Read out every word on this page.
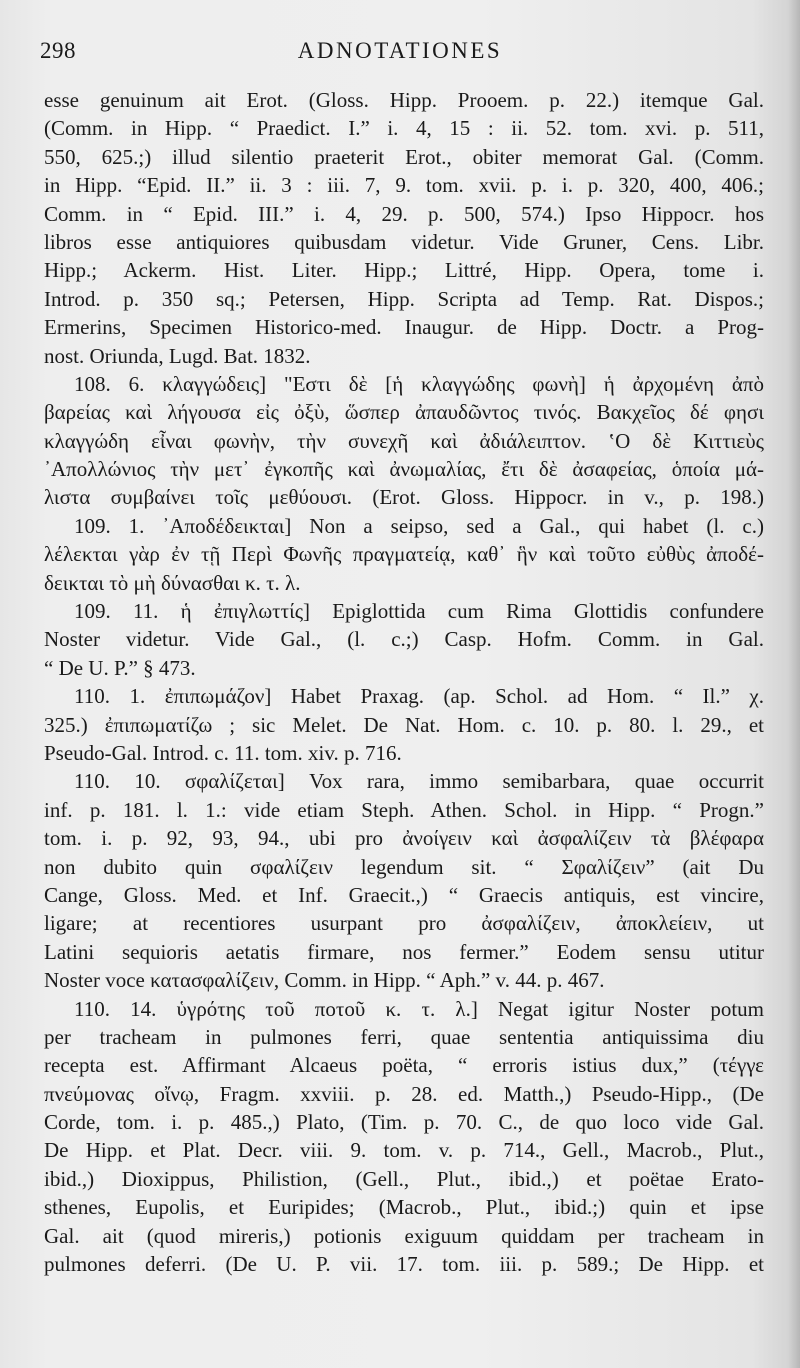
298	ADNOTATIONES
esse genuinum ait Erot. (Gloss. Hipp. Prooem. p. 22.) itemque Gal.
(Comm. in Hipp. “ Praedict. I.” i. 4, 15 : ii. 52. tom. xvi. p. 511,
550, 625.;) illud silentio praeterit Erot., obiter memorat Gal. (Comm.
in Hipp. “Epid. II.” ii. 3 : iii. 7, 9. tom. xvii. p. i. p. 320, 400, 406.;
Comm. in “ Epid. III.” i. 4, 29. p. 500, 574.) Ipso Hippocr. hos
libros esse antiquiores quibusdam videtur. Vide Gruner, Cens. Libr.
Hipp.; Ackerm. Hist. Liter. Hipp.; Littré, Hipp. Opera, tome i.
Introd. p. 350 sq.; Petersen, Hipp. Scripta ad Temp. Rat. Dispos.;
Ermerins, Specimen Historico-med. Inaugur. de Hipp. Doctr. a Prog-
nost. Oriunda, Lugd. Bat. 1832.
108. 6. κλαγγώδεις] "Εστι δὲ [ἡ κλαγγώδης φωνὴ] ἡ ἀρχομένη ἀπὸ
βαρείας καὶ λήγουσα εἰς ὀξὺ, ὥσπερ ἀπαυδῶντος τινός. Βακχεῖος δέ φησι
κλαγγώδη εἶναι φωνὴν, τὴν συνεχῆ καὶ ἀδιάλειπτον. ʽΟ δὲ Κιττιεὺς
᾿Απολλώνιος τὴν μετ᾿ ἐγκοπῆς καὶ ἀνωμαλίας, ἔτι δὲ ἀσαφείας, ὁποία μά-
λιστα συμβαίνει τοῖς μεθύουσι. (Erot. Gloss. Hippocr. in v., p. 198.)
109. 1. ᾿Αποδέδεικται] Non a seipso, sed a Gal., qui habet (l. c.)
λέλεκται γὰρ ἐν τῇ Περὶ Φωνῆς πραγματείᾳ, καθ᾿ ἣν καὶ τοῦτο εὐθὺς ἀποδέ-
δεικται τὸ μὴ δύνασθαι κ. τ. λ.
109. 11. ἡ ἐπιγλωττίς] Epiglottida cum Rima Glottidis confundere
Noster videtur. Vide Gal., (l. c.;) Casp. Hofm. Comm. in Gal.
“ De U. P.” § 473.
110. 1. ἐπιπωμάζον] Habet Praxag. (ap. Schol. ad Hom. “ Il.” χ.
325.) ἐπιπωματίζω ; sic Melet. De Nat. Hom. c. 10. p. 80. l. 29., et
Pseudo-Gal. Introd. c. 11. tom. xiv. p. 716.
110. 10. σφαλίζεται] Vox rara, immo semibarbara, quae occurrit
inf. p. 181. l. 1.: vide etiam Steph. Athen. Schol. in Hipp. “ Progn.”
tom. i. p. 92, 93, 94., ubi pro ἀνοίγειν καὶ ἀσφαλίζειν τὰ βλέφαρα
non dubito quin σφαλίζειν legendum sit. “ Σφαλίζειν” (ait Du
Cange, Gloss. Med. et Inf. Graecit.,) “ Graecis antiquis, est vincire,
ligare; at recentiores usurpant pro ἀσφαλίζειν, ἀποκλείειν, ut
Latini sequioris aetatis firmare, nos fermer.” Eodem sensu utitur
Noster voce κατασφαλίζειν, Comm. in Hipp. “ Aph.” v. 44. p. 467.
110. 14. ὑγρότης τοῦ ποτοῦ κ. τ. λ.] Negat igitur Noster potum
per tracheam in pulmones ferri, quae sententia antiquissima diu
recepta est. Affirmant Alcaeus poëta, “ erroris istius dux,” (τέγγε
πνεύμονας οἴνῳ, Fragm. xxviii. p. 28. ed. Matth.,) Pseudo-Hipp., (De
Corde, tom. i. p. 485.,) Plato, (Tim. p. 70. C., de quo loco vide Gal.
De Hipp. et Plat. Decr. viii. 9. tom. v. p. 714., Gell., Macrob., Plut.,
ibid.,) Dioxippus, Philistion, (Gell., Plut., ibid.,) et poëtae Erato-
sthenes, Eupolis, et Euripides; (Macrob., Plut., ibid.;) quin et ipse
Gal. ait (quod mireris,) potionis exiguum quiddam per tracheam in
pulmones deferri. (De U. P. vii. 17. tom. iii. p. 589.; De Hipp. et
